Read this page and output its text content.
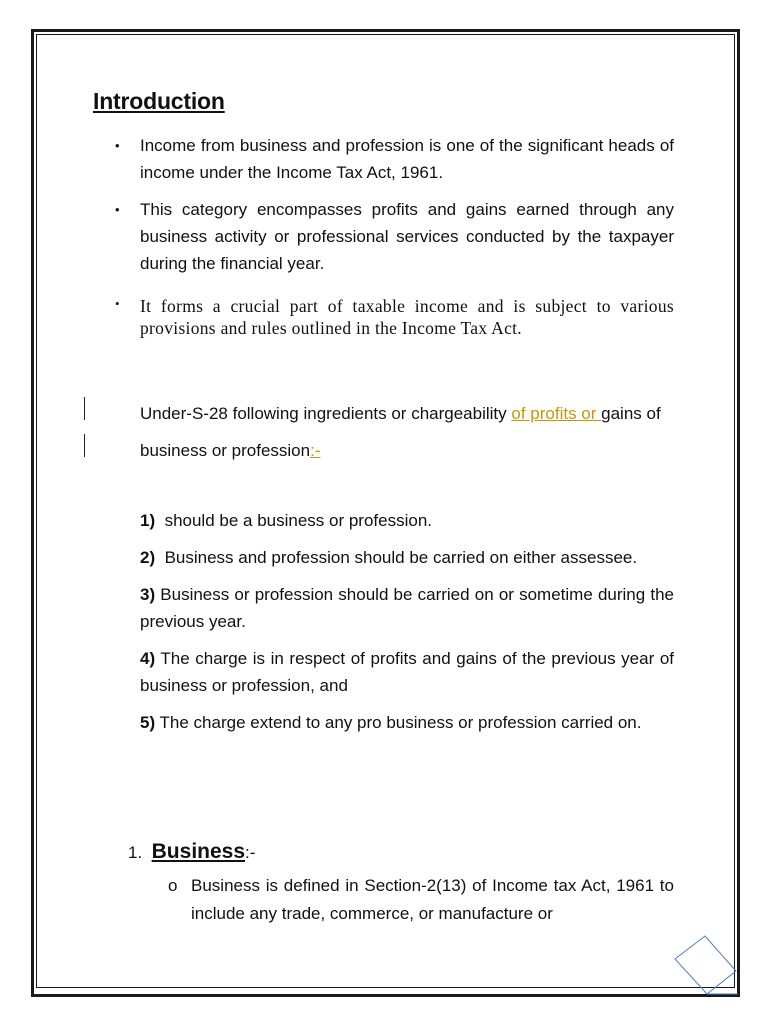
Introduction
• Income from business and profession is one of the significant heads of income under the Income Tax Act, 1961.
• This category encompasses profits and gains earned through any business activity or professional services conducted by the taxpayer during the financial year.
• It forms a crucial part of taxable income and is subject to various provisions and rules outlined in the Income Tax Act.
Under-S-28 following ingredients or chargeability of profits or gains of business or profession:-
1)  should be a business or profession.
2)  Business and profession should be carried on either assessee.
3) Business or profession should be carried on or sometime during the previous year.
4) The charge is in respect of profits and gains of the previous year of business or profession, and
5) The charge extend to any pro business or profession carried on.
1. Business:-
o Business is defined in Section-2(13) of Income tax Act, 1961 to include any trade, commerce, or manufacture or
